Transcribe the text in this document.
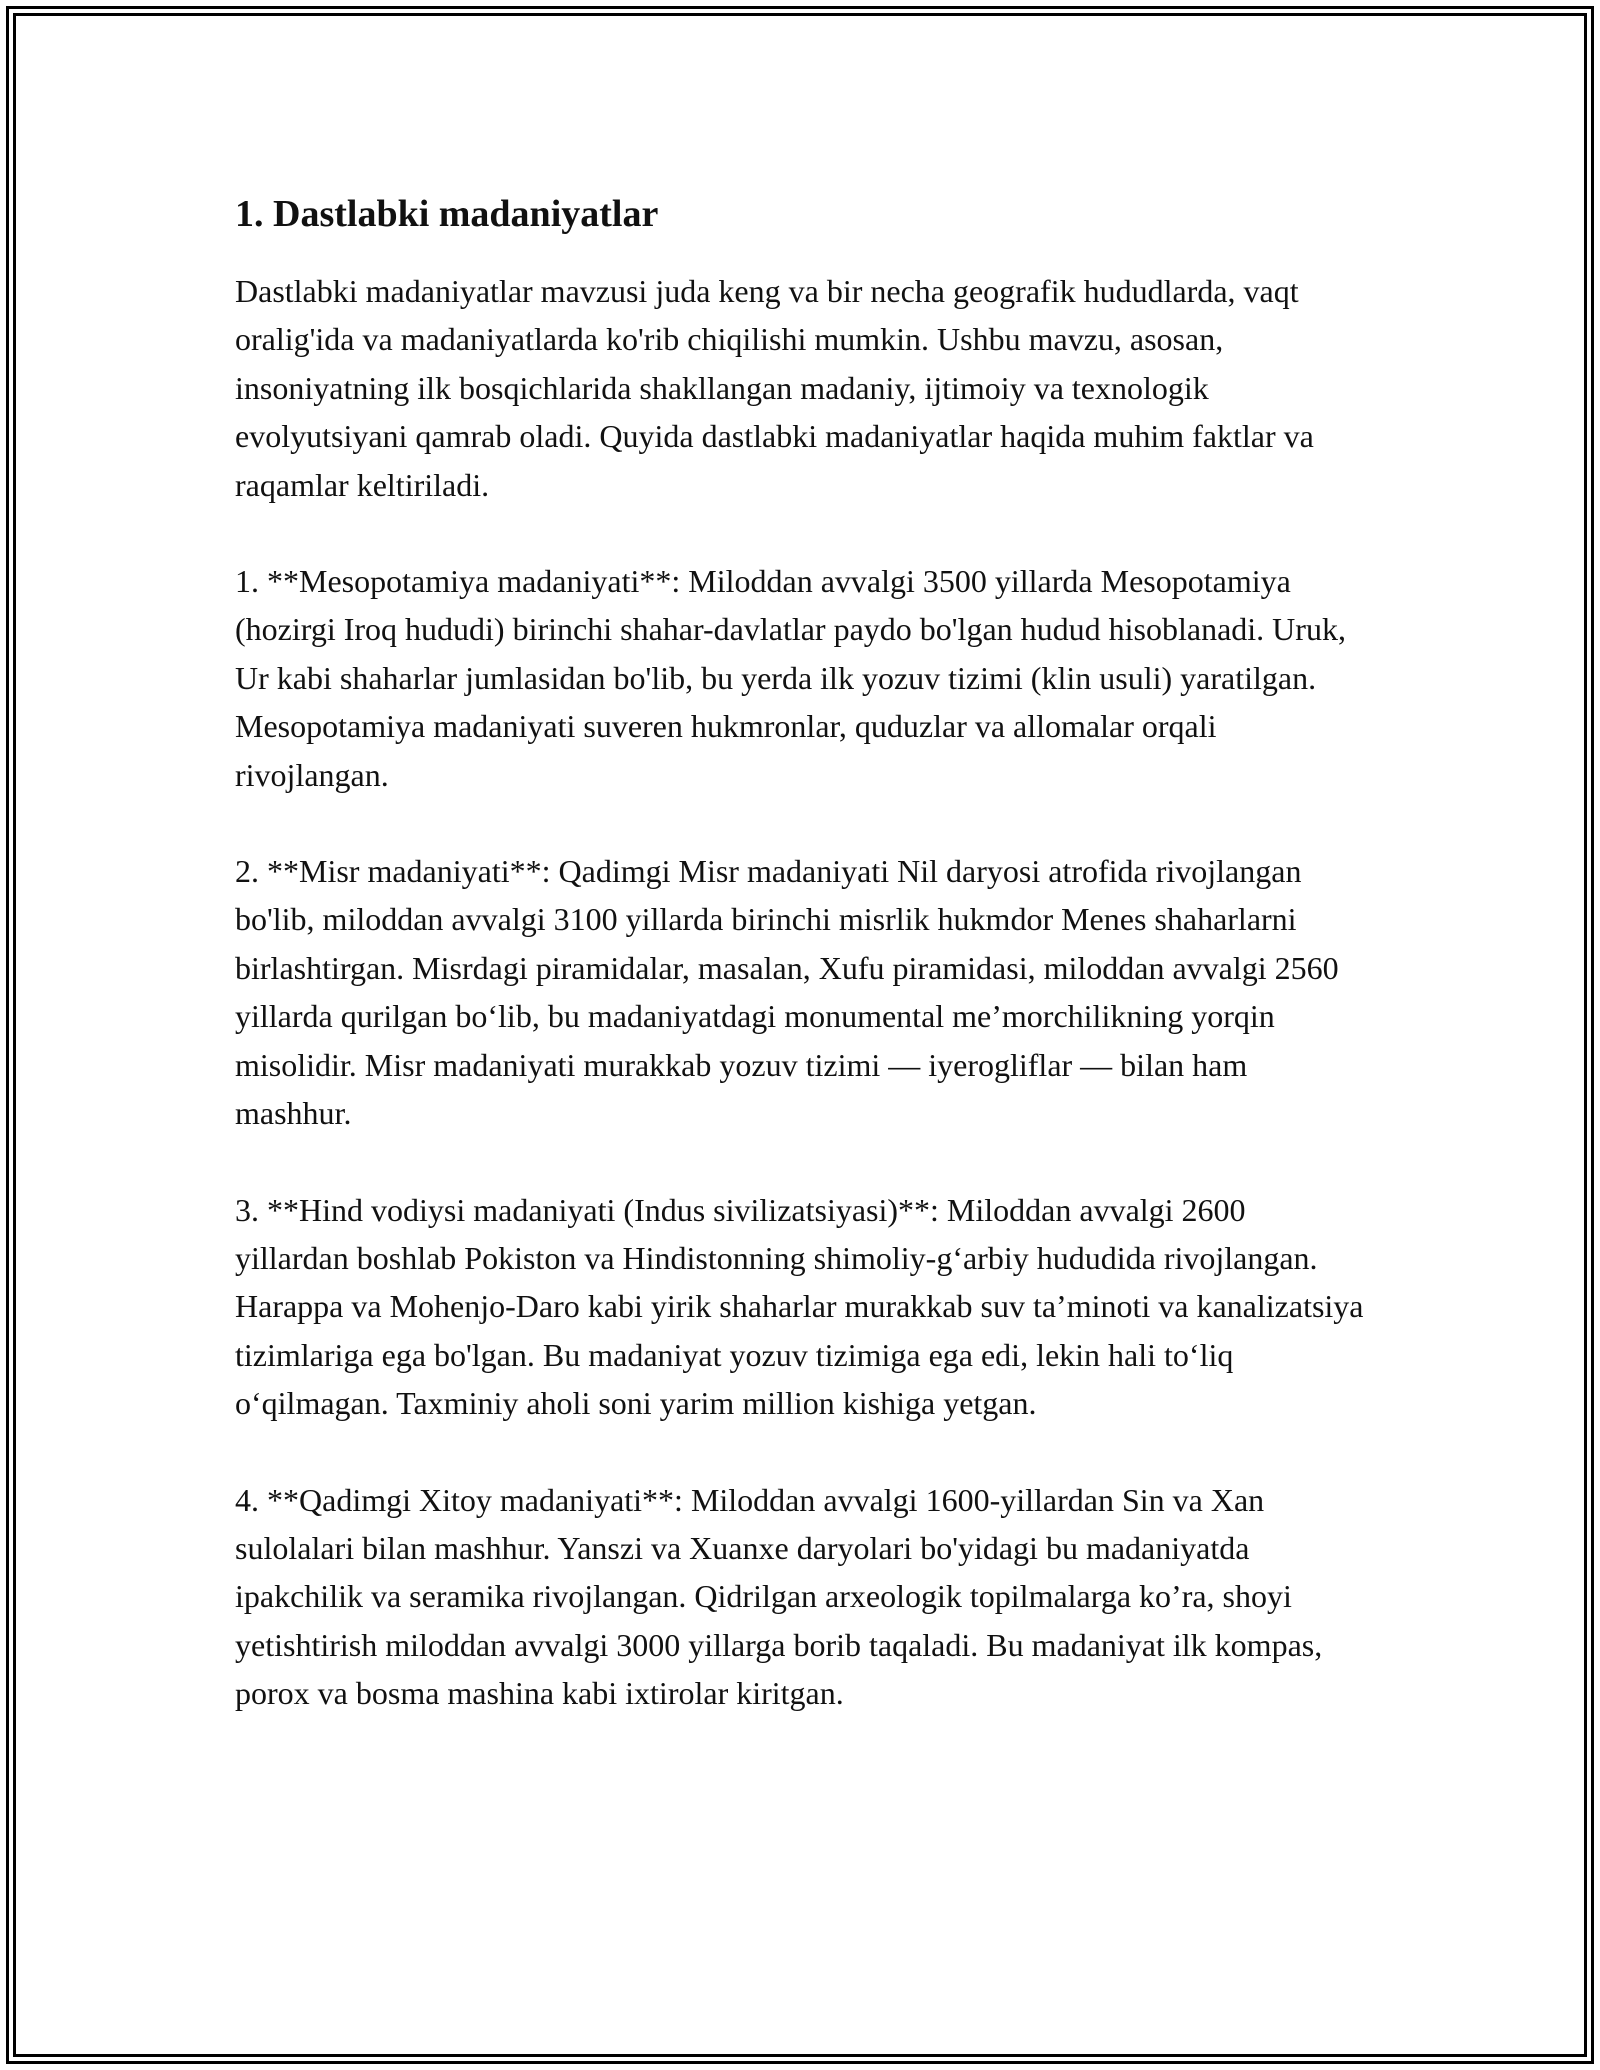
1. Dastlabki madaniyatlar

Dastlabki madaniyatlar mavzusi juda keng va bir necha geografik hududlarda, vaqt oralig'ida va madaniyatlarda ko'rib chiqilishi mumkin. Ushbu mavzu, asosan, insoniyatning ilk bosqichlarida shakllangan madaniy, ijtimoiy va texnologik evolyutsiyani qamrab oladi. Quyida dastlabki madaniyatlar haqida muhim faktlar va raqamlar keltiriladi.

1. **Mesopotamiya madaniyati**: Miloddan avvalgi 3500 yillarda Mesopotamiya (hozirgi Iroq hududi) birinchi shahar-davlatlar paydo bo'lgan hudud hisoblanadi. Uruk, Ur kabi shaharlar jumlasidan bo'lib, bu yerda ilk yozuv tizimi (klin usuli) yaratilgan. Mesopotamiya madaniyati suveren hukmronlar, quduzlar va allomalar orqali rivojlangan.

2. **Misr madaniyati**: Qadimgi Misr madaniyati Nil daryosi atrofida rivojlangan bo'lib, miloddan avvalgi 3100 yillarda birinchi misrlik hukmdor Menes shaharlarni birlashtirgan. Misrdagi piramidalar, masalan, Xufu piramidasi, miloddan avvalgi 2560 yillarda qurilgan bo‘lib, bu madaniyatdagi monumental me’morchilikning yorqin misolidir. Misr madaniyati murakkab yozuv tizimi — iyerogliflar — bilan ham mashhur.

3. **Hind vodiysi madaniyati (Indus sivilizatsiyasi)**: Miloddan avvalgi 2600 yillardan boshlab Pokiston va Hindistonning shimoliy-g‘arbiy hududida rivojlangan. Harappa va Mohenjo-Daro kabi yirik shaharlar murakkab suv ta’minoti va kanalizatsiya tizimlariga ega bo'lgan. Bu madaniyat yozuv tizimiga ega edi, lekin hali to‘liq o‘qilmagan. Taxminiy aholi soni yarim million kishiga yetgan.

4. **Qadimgi Xitoy madaniyati**: Miloddan avvalgi 1600-yillardan Sin va Xan sulolalari bilan mashhur. Yanszi va Xuanxe daryolari bo'yidagi bu madaniyatda ipakchilik va seramika rivojlangan. Qidrilgan arxeologik topilmalarga ko’ra, shoyi yetishtirish miloddan avvalgi 3000 yillarga borib taqaladi. Bu madaniyat ilk kompas, porox va bosma mashina kabi ixtirolar kiritgan.
